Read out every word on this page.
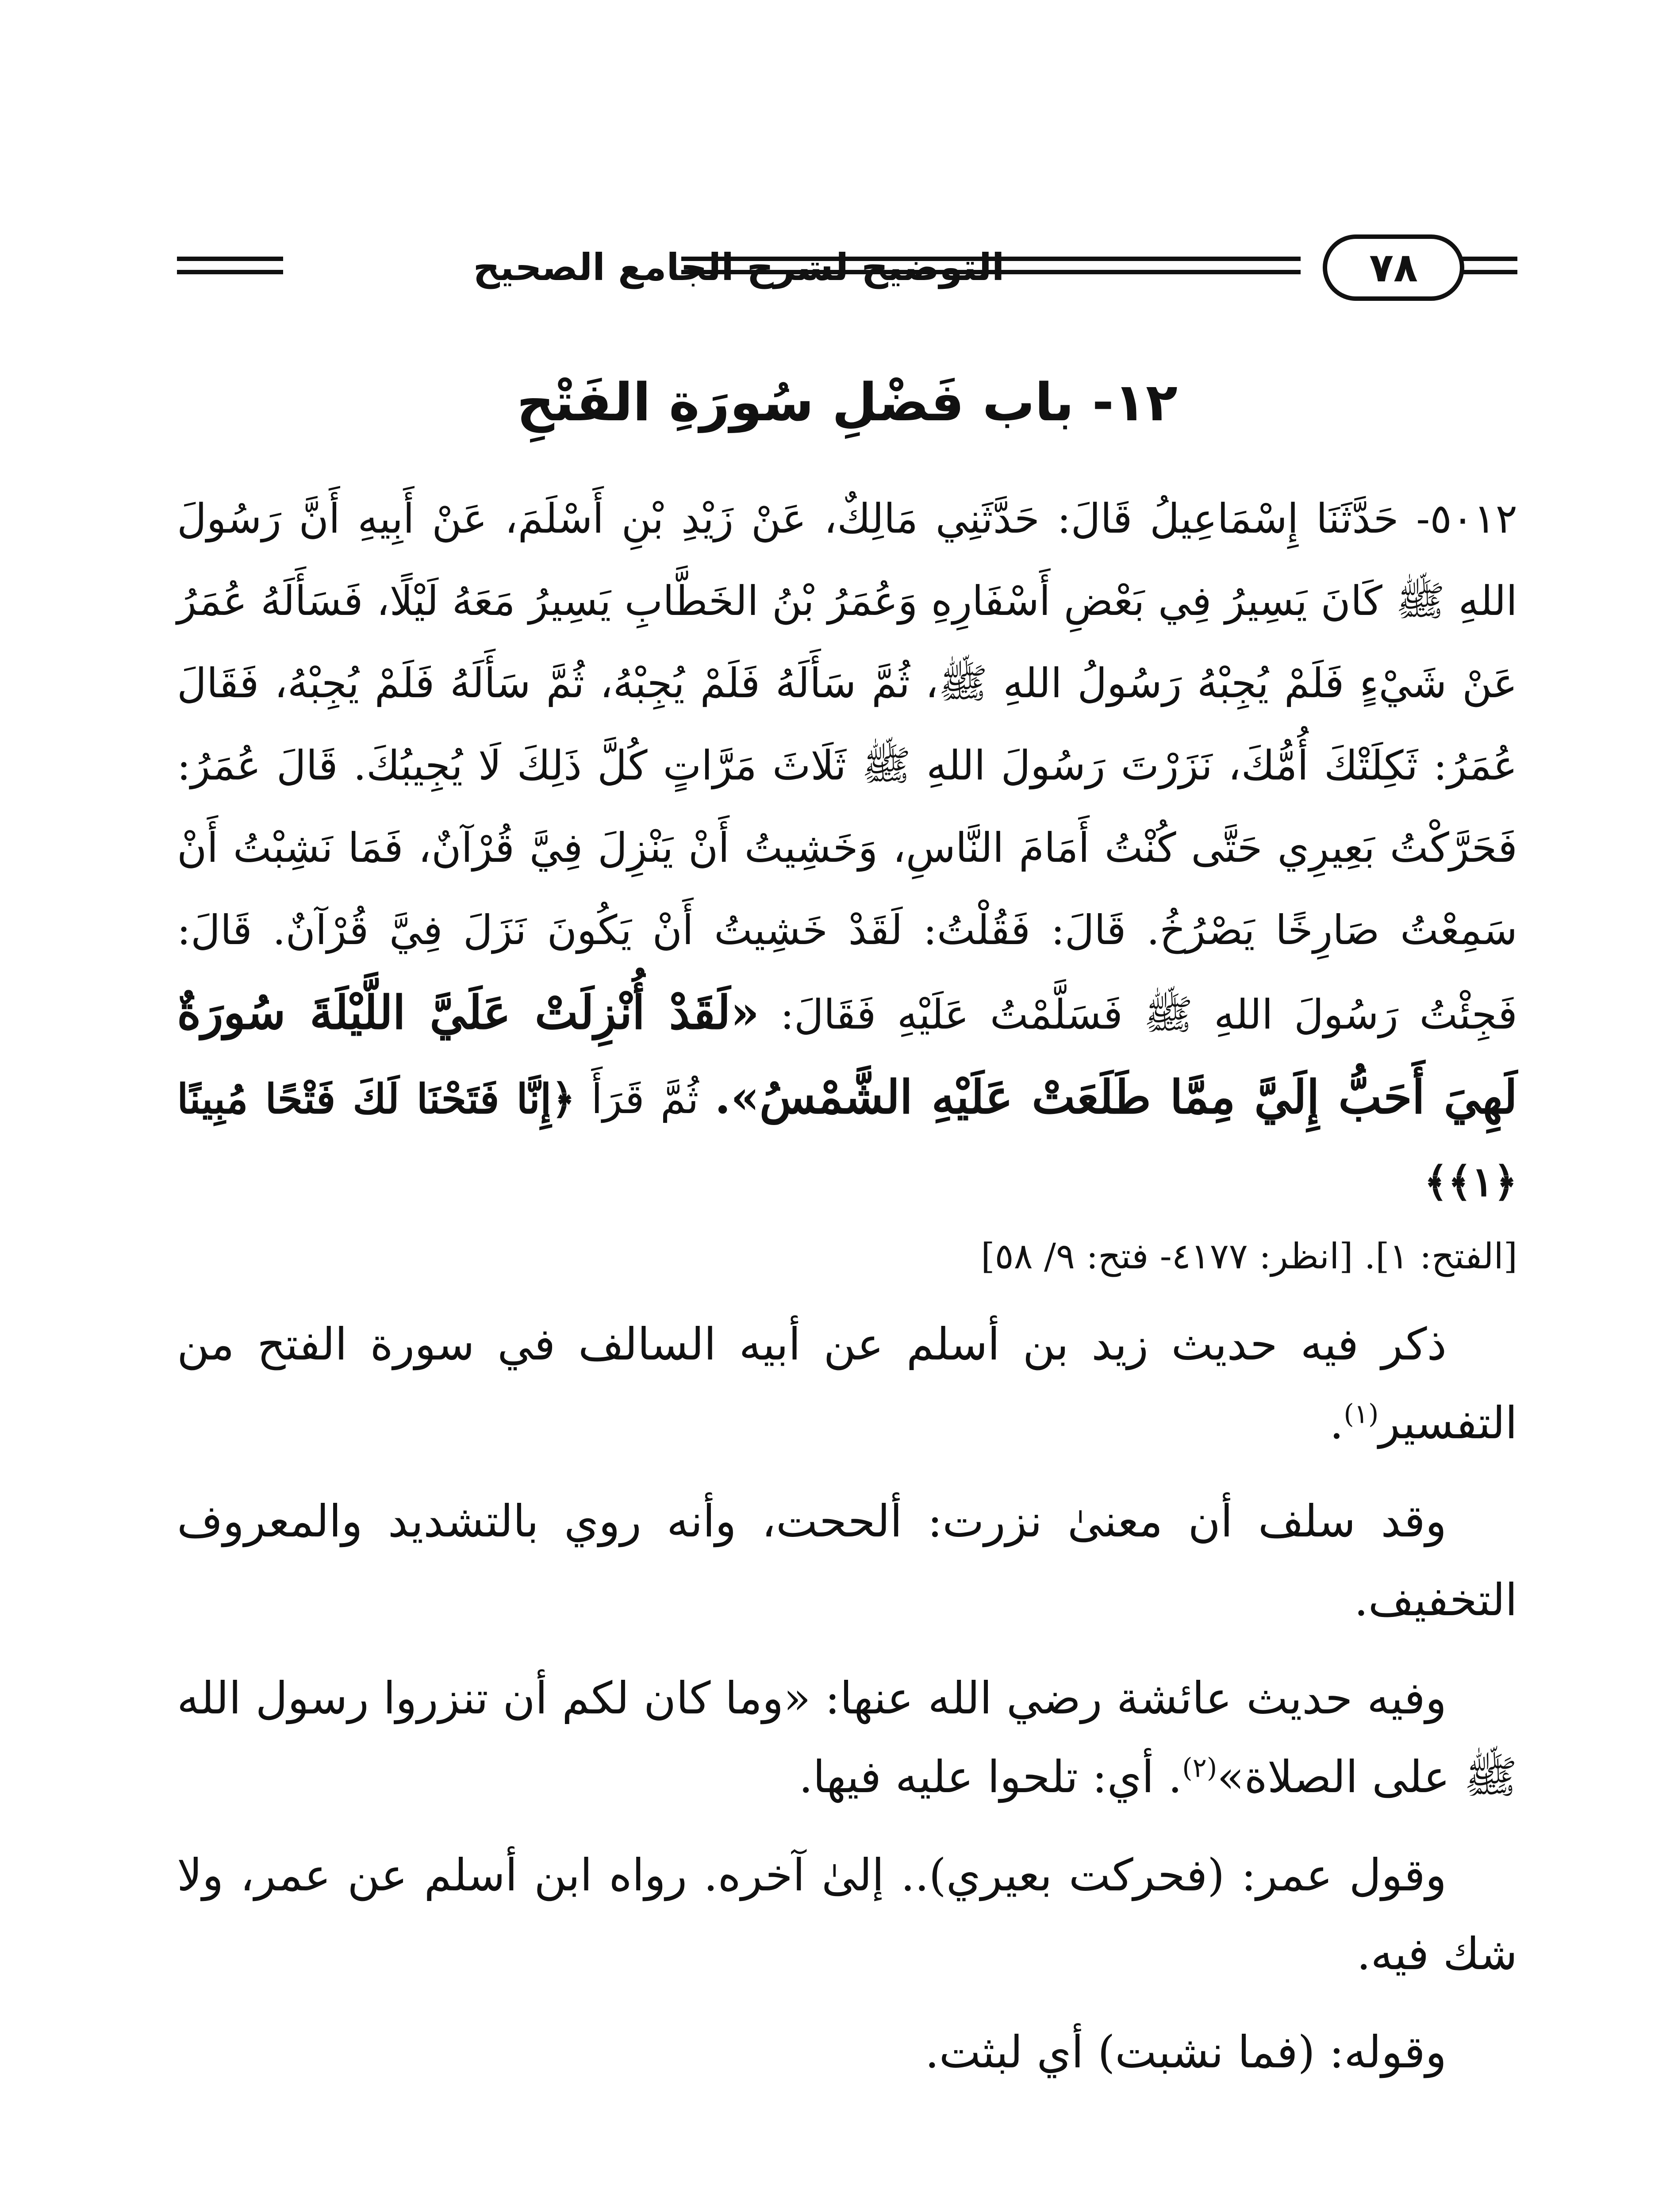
التوضيح لشرح الجامع الصحيح	٧٨
١٢- باب فَضْلِ سُورَةِ الفَتْحِ
٥٠١٢- حَدَّثَنَا إِسْمَاعِيلُ قَالَ: حَدَّثَنِي مَالِكٌ، عَنْ زَيْدِ بْنِ أَسْلَمَ، عَنْ أَبِيهِ أَنَّ رَسُولَ اللهِ ﷺ كَانَ يَسِيرُ فِي بَعْضِ أَسْفَارِهِ وَعُمَرُ بْنُ الخَطَّابِ يَسِيرُ مَعَهُ لَيْلًا، فَسَأَلَهُ عُمَرُ عَنْ شَيْءٍ فَلَمْ يُجِبْهُ رَسُولُ اللهِ ﷺ، ثُمَّ سَأَلَهُ فَلَمْ يُجِبْهُ، ثُمَّ سَأَلَهُ فَلَمْ يُجِبْهُ، فَقَالَ عُمَرُ: ثَكِلَتْكَ أُمُّكَ، نَزَرْتَ رَسُولَ اللهِ ﷺ ثَلَاثَ مَرَّاتٍ كُلَّ ذَلِكَ لَا يُجِيبُكَ. قَالَ عُمَرُ: فَحَرَّكْتُ بَعِيرِي حَتَّى كُنْتُ أَمَامَ النَّاسِ، وَخَشِيتُ أَنْ يَنْزِلَ فِيَّ قُرْآنٌ، فَمَا نَشِبْتُ أَنْ سَمِعْتُ صَارِخًا يَصْرُخُ. قَالَ: فَقُلْتُ: لَقَدْ خَشِيتُ أَنْ يَكُونَ نَزَلَ فِيَّ قُرْآنٌ. قَالَ: فَجِئْتُ رَسُولَ اللهِ ﷺ فَسَلَّمْتُ عَلَيْهِ فَقَالَ: «لَقَدْ أُنْزِلَتْ عَلَيَّ اللَّيْلَةَ سُورَةٌ لَهِيَ أَحَبُّ إِلَيَّ مِمَّا طَلَعَتْ عَلَيْهِ الشَّمْسُ». ثُمَّ قَرَأَ ﴿إِنَّا فَتَحْنَا لَكَ فَتْحًا مُبِينًا ﴿١﴾﴾
[الفتح: ١]. [انظر: ٤١٧٧- فتح: ٩/ ٥٨]

ذكر فيه حديث زيد بن أسلم عن أبيه السالف في سورة الفتح من التفسير$^{(١)}$.

وقد سلف أن معنىٰ نزرت: ألححت، وأنه روي بالتشديد والمعروف التخفيف.

وفيه حديث عائشة رضي الله عنها: «وما كان لكم أن تنزروا رسول الله ﷺ على الصلاة»$^{(٢)}$. أي: تلحوا عليه فيها.

وقول عمر: (فحركت بعيري).. إلىٰ آخره. رواه ابن أسلم عن عمر، ولا شك فيه.

وقوله: (فما نشبت) أي لبثت.
